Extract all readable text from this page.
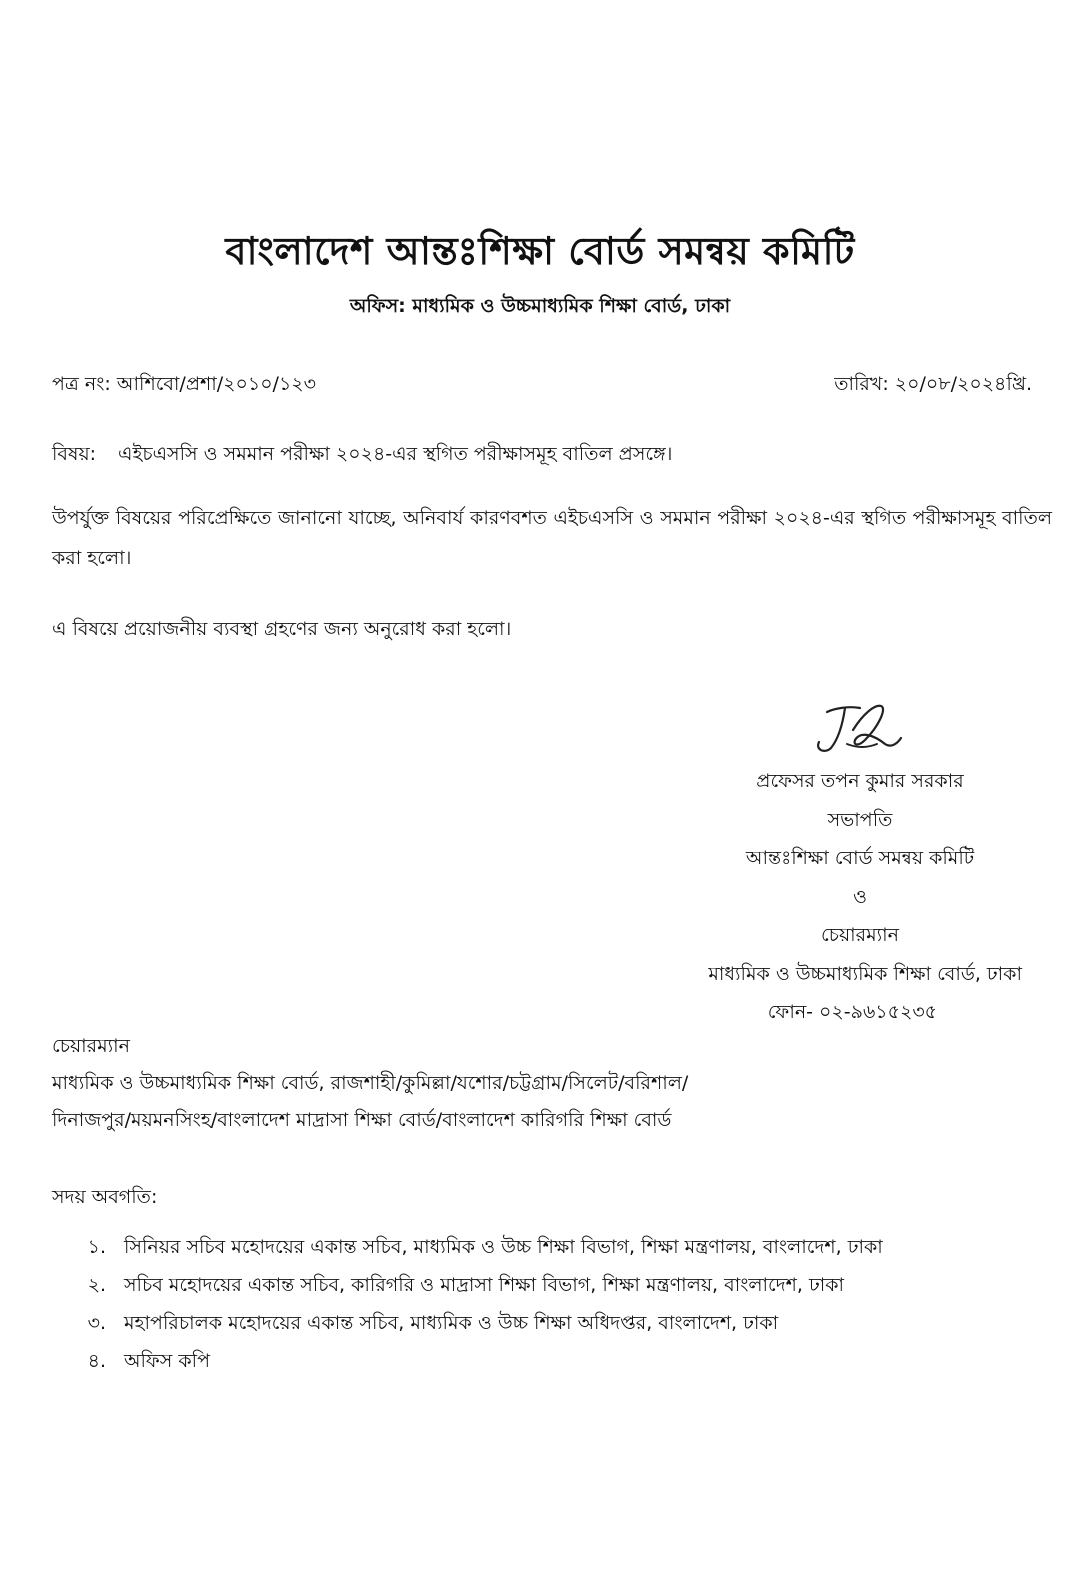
বাংলাদেশ আন্তঃশিক্ষা বোর্ড সমন্বয় কমিটি
অফিস: মাধ্যমিক ও উচ্চমাধ্যমিক শিক্ষা বোর্ড, ঢাকা
পত্র নং: আশিবো/প্রশা/২০১০/১২৩	তারিখ: ২০/০৮/২০২৪খ্রি.
বিষয়: এইচএসসি ও সমমান পরীক্ষা ২০২৪-এর স্থগিত পরীক্ষাসমূহ বাতিল প্রসঙ্গে।
উপর্যুক্ত বিষয়ের পরিপ্রেক্ষিতে জানানো যাচ্ছে, অনিবার্য কারণবশত এইচএসসি ও সমমান পরীক্ষা ২০২৪-এর স্থগিত পরীক্ষাসমূহ বাতিল করা হলো।
এ বিষয়ে প্রয়োজনীয় ব্যবস্থা গ্রহণের জন্য অনুরোধ করা হলো।
প্রফেসর তপন কুমার সরকার
সভাপতি
আন্তঃশিক্ষা বোর্ড সমন্বয় কমিটি
ও
চেয়ারম্যান
মাধ্যমিক ও উচ্চমাধ্যমিক শিক্ষা বোর্ড, ঢাকা
ফোন- ০২-৯৬১৫২৩৫
চেয়ারম্যান
মাধ্যমিক ও উচ্চমাধ্যমিক শিক্ষা বোর্ড, রাজশাহী/কুমিল্লা/যশোর/চট্টগ্রাম/সিলেট/বরিশাল/
দিনাজপুর/ময়মনসিংহ/বাংলাদেশ মাদ্রাসা শিক্ষা বোর্ড/বাংলাদেশ কারিগরি শিক্ষা বোর্ড
সদয় অবগতি:
১. সিনিয়র সচিব মহোদয়ের একান্ত সচিব, মাধ্যমিক ও উচ্চ শিক্ষা বিভাগ, শিক্ষা মন্ত্রণালয়, বাংলাদেশ, ঢাকা
২. সচিব মহোদয়ের একান্ত সচিব, কারিগরি ও মাদ্রাসা শিক্ষা বিভাগ, শিক্ষা মন্ত্রণালয়, বাংলাদেশ, ঢাকা
৩. মহাপরিচালক মহোদয়ের একান্ত সচিব, মাধ্যমিক ও উচ্চ শিক্ষা অধিদপ্তর, বাংলাদেশ, ঢাকা
৪. অফিস কপি
